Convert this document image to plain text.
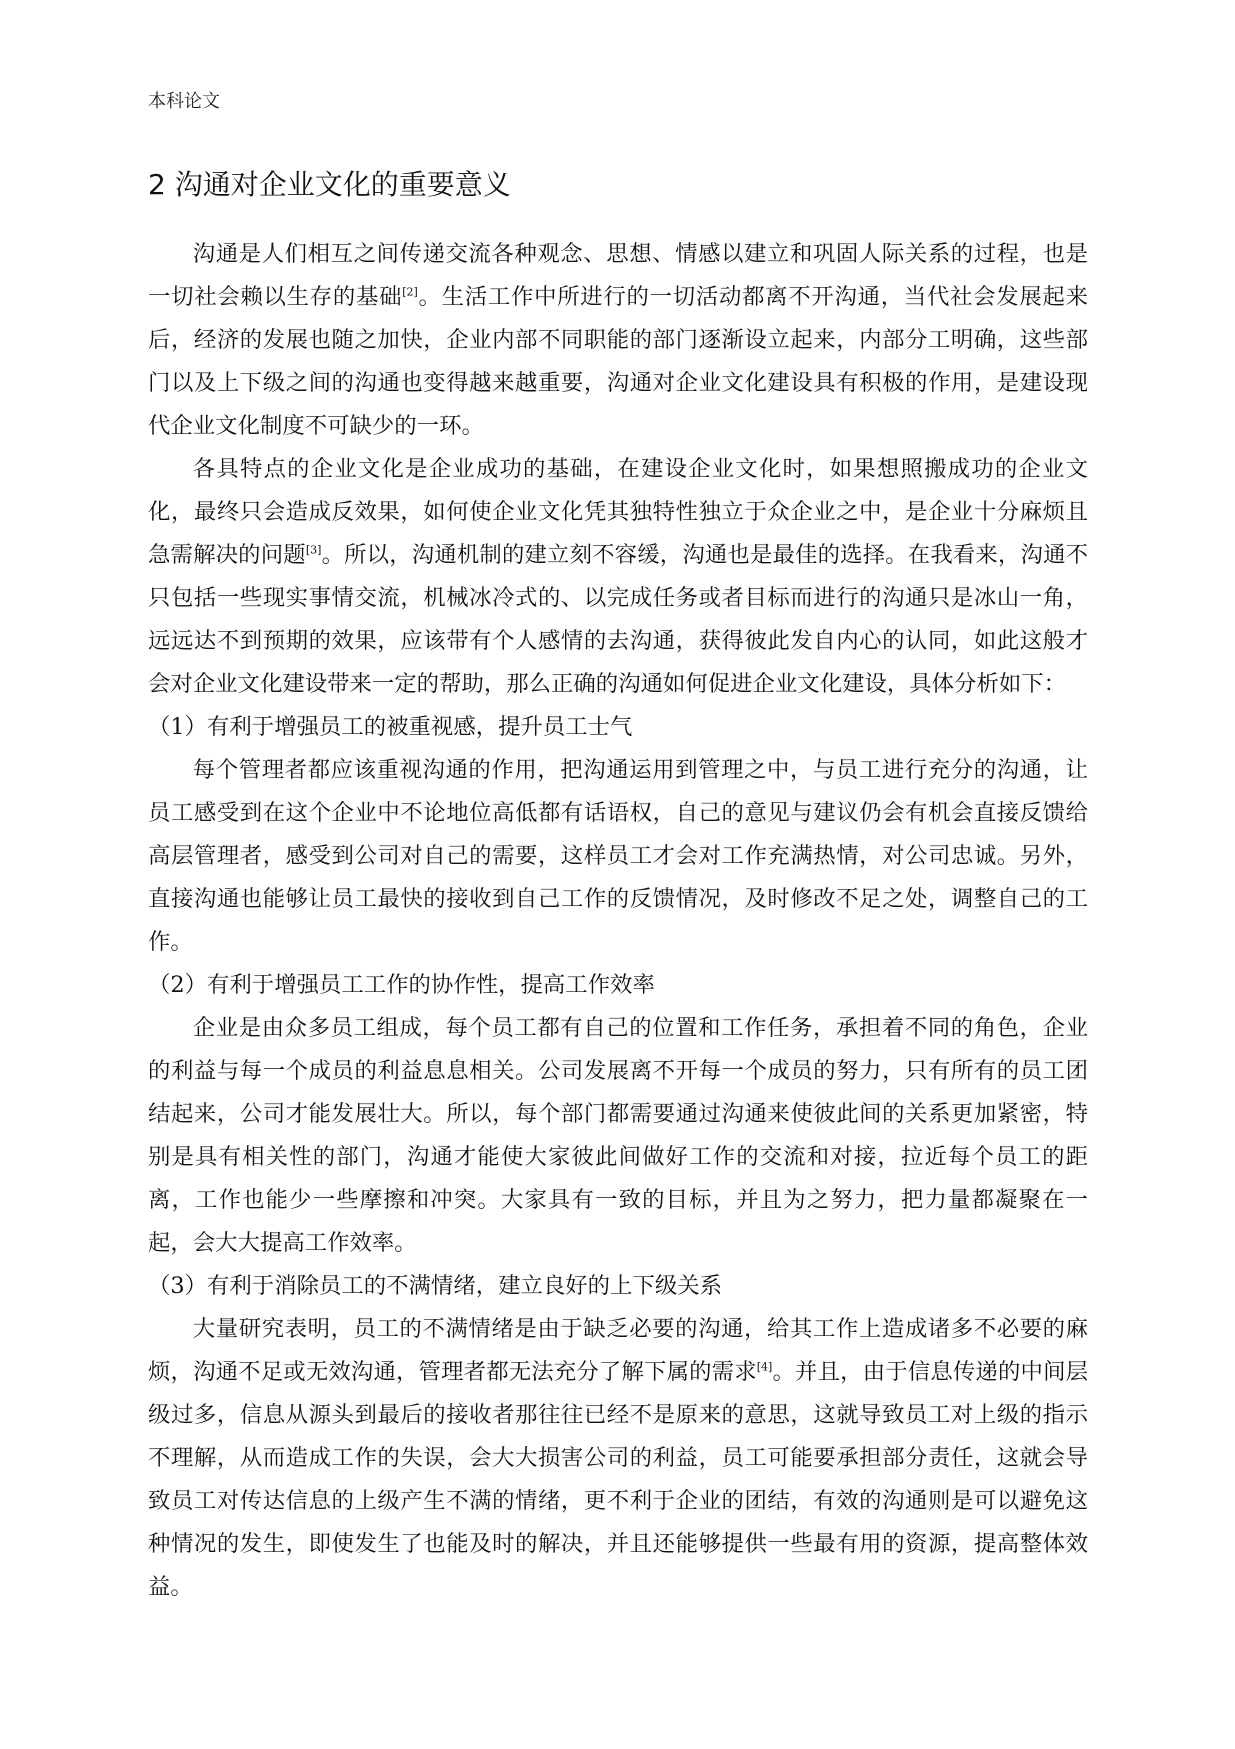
本科论文
2 沟通对企业文化的重要意义

沟通是人们相互之间传递交流各种观念、思想、情感以建立和巩固人际关系的过程，也是一切社会赖以生存的基础[2]。生活工作中所进行的一切活动都离不开沟通，当代社会发展起来后，经济的发展也随之加快，企业内部不同职能的部门逐渐设立起来，内部分工明确，这些部门以及上下级之间的沟通也变得越来越重要，沟通对企业文化建设具有积极的作用，是建设现代企业文化制度不可缺少的一环。

各具特点的企业文化是企业成功的基础，在建设企业文化时，如果想照搬成功的企业文化，最终只会造成反效果，如何使企业文化凭其独特性独立于众企业之中，是企业十分麻烦且急需解决的问题[3]。所以，沟通机制的建立刻不容缓，沟通也是最佳的选择。在我看来，沟通不只包括一些现实事情交流，机械冰冷式的、以完成任务或者目标而进行的沟通只是冰山一角，远远达不到预期的效果，应该带有个人感情的去沟通，获得彼此发自内心的认同，如此这般才会对企业文化建设带来一定的帮助，那么正确的沟通如何促进企业文化建设，具体分析如下：

（1）有利于增强员工的被重视感，提升员工士气

每个管理者都应该重视沟通的作用，把沟通运用到管理之中，与员工进行充分的沟通，让员工感受到在这个企业中不论地位高低都有话语权，自己的意见与建议仍会有机会直接反馈给高层管理者，感受到公司对自己的需要，这样员工才会对工作充满热情，对公司忠诚。另外，直接沟通也能够让员工最快的接收到自己工作的反馈情况，及时修改不足之处，调整自己的工作。

（2）有利于增强员工工作的协作性，提高工作效率

企业是由众多员工组成，每个员工都有自己的位置和工作任务，承担着不同的角色，企业的利益与每一个成员的利益息息相关。公司发展离不开每一个成员的努力，只有所有的员工团结起来，公司才能发展壮大。所以，每个部门都需要通过沟通来使彼此间的关系更加紧密，特别是具有相关性的部门，沟通才能使大家彼此间做好工作的交流和对接，拉近每个员工的距离，工作也能少一些摩擦和冲突。大家具有一致的目标，并且为之努力，把力量都凝聚在一起，会大大提高工作效率。

（3）有利于消除员工的不满情绪，建立良好的上下级关系

大量研究表明，员工的不满情绪是由于缺乏必要的沟通，给其工作上造成诸多不必要的麻烦，沟通不足或无效沟通，管理者都无法充分了解下属的需求[4]。并且，由于信息传递的中间层级过多，信息从源头到最后的接收者那往往已经不是原来的意思，这就导致员工对上级的指示不理解，从而造成工作的失误，会大大损害公司的利益，员工可能要承担部分责任，这就会导致员工对传达信息的上级产生不满的情绪，更不利于企业的团结，有效的沟通则是可以避免这种情况的发生，即使发生了也能及时的解决，并且还能够提供一些最有用的资源，提高整体效益。
